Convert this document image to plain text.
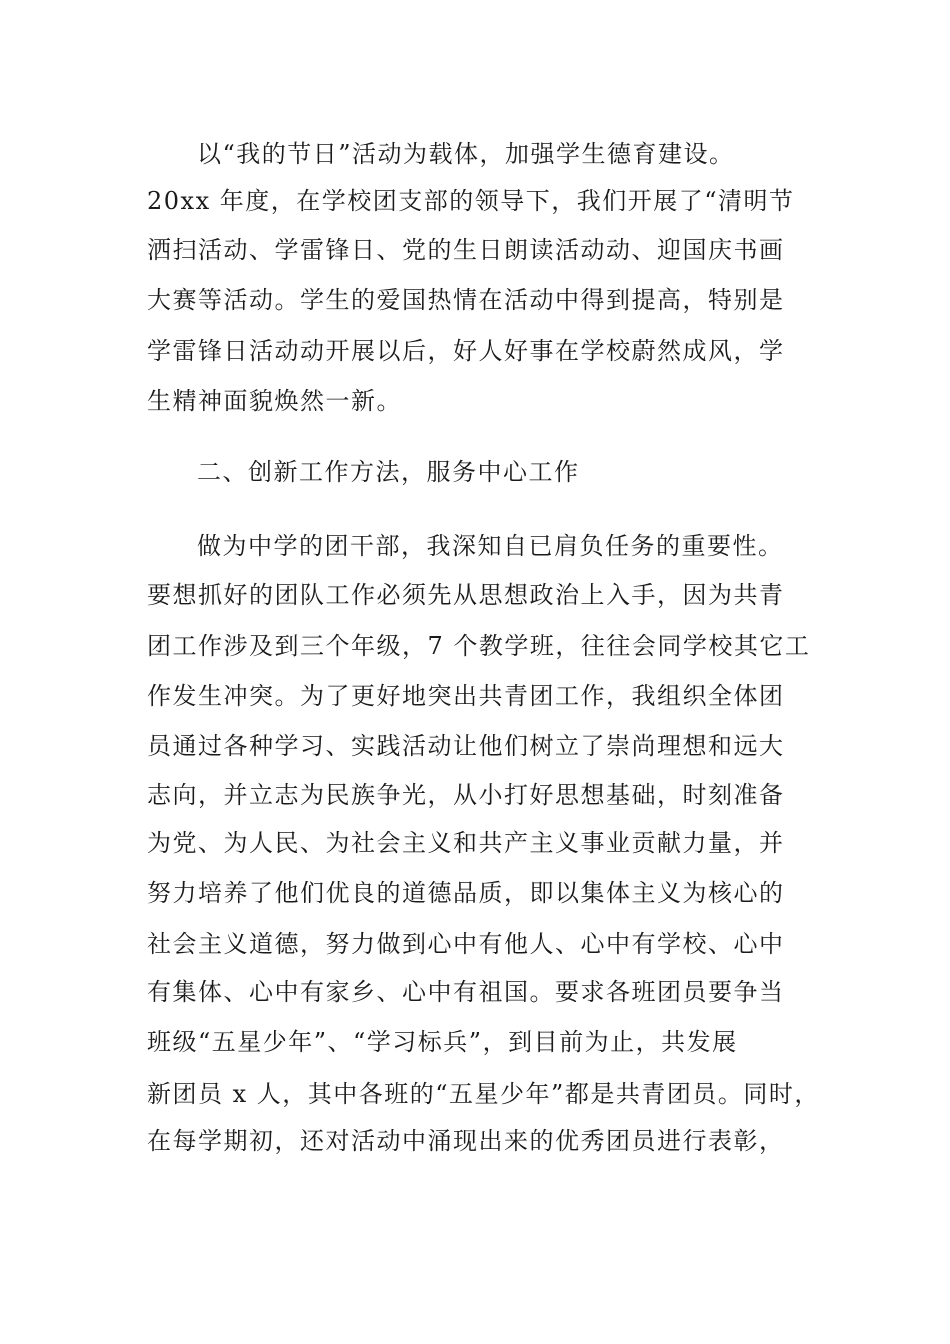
以“我的节日”活动为载体，加强学生德育建设。
20xx 年度，在学校团支部的领导下，我们开展了“清明节
洒扫活动、学雷锋日、党的生日朗读活动动、迎国庆书画
大赛等活动。学生的爱国热情在活动中得到提高，特别是
学雷锋日活动动开展以后，好人好事在学校蔚然成风，学
生精神面貌焕然一新。
二、创新工作方法，服务中心工作
做为中学的团干部，我深知自已肩负任务的重要性。
要想抓好的团队工作必须先从思想政治上入手，因为共青
团工作涉及到三个年级，7 个教学班，往往会同学校其它工
作发生冲突。为了更好地突出共青团工作，我组织全体团
员通过各种学习、实践活动让他们树立了崇尚理想和远大
志向，并立志为民族争光，从小打好思想基础，时刻准备
为党、为人民、为社会主义和共产主义事业贡献力量，并
努力培养了他们优良的道德品质，即以集体主义为核心的
社会主义道德，努力做到心中有他人、心中有学校、心中
有集体、心中有家乡、心中有祖国。要求各班团员要争当
班级“五星少年”、“学习标兵”，到目前为止，共发展
新团员 x 人，其中各班的“五星少年”都是共青团员。同时，
在每学期初，还对活动中涌现出来的优秀团员进行表彰，
